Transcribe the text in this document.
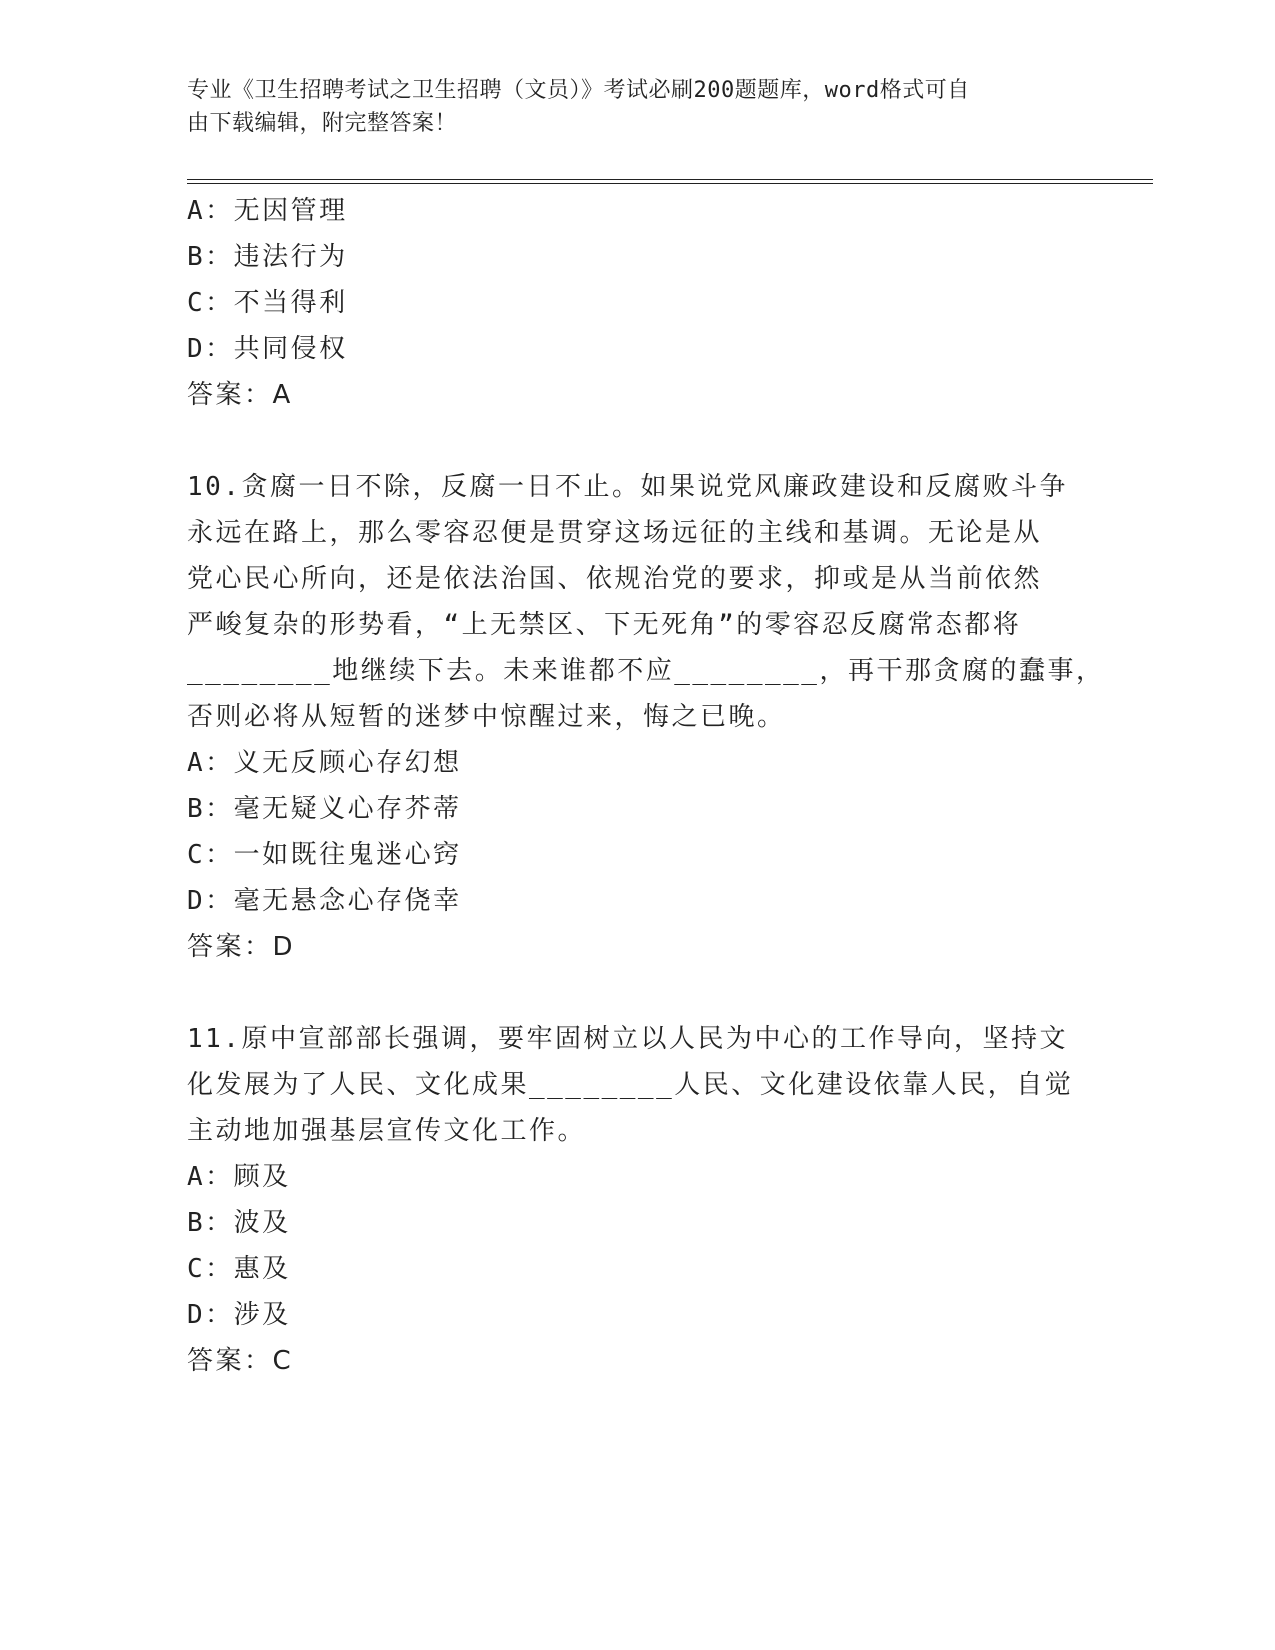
专业《卫生招聘考试之卫生招聘（文员）》考试必刷200题题库，word格式可自

由下载编辑，附完整答案！

A：无因管理

B：违法行为

C：不当得利

D：共同侵权

答案：A

10.贪腐一日不除，反腐一日不止。如果说党风廉政建设和反腐败斗争

永远在路上，那么零容忍便是贯穿这场远征的主线和基调。无论是从

党心民心所向，还是依法治国、依规治党的要求，抑或是从当前依然

严峻复杂的形势看，“上无禁区、下无死角”的零容忍反腐常态都将

________地继续下去。未来谁都不应________，再干那贪腐的蠢事，

否则必将从短暂的迷梦中惊醒过来，悔之已晚。

A：义无反顾心存幻想

B：毫无疑义心存芥蒂

C：一如既往鬼迷心窍

D：毫无悬念心存侥幸

答案：D

11.原中宣部部长强调，要牢固树立以人民为中心的工作导向，坚持文

化发展为了人民、文化成果________人民、文化建设依靠人民，自觉

主动地加强基层宣传文化工作。

A：顾及

B：波及

C：惠及

D：涉及

答案：C
